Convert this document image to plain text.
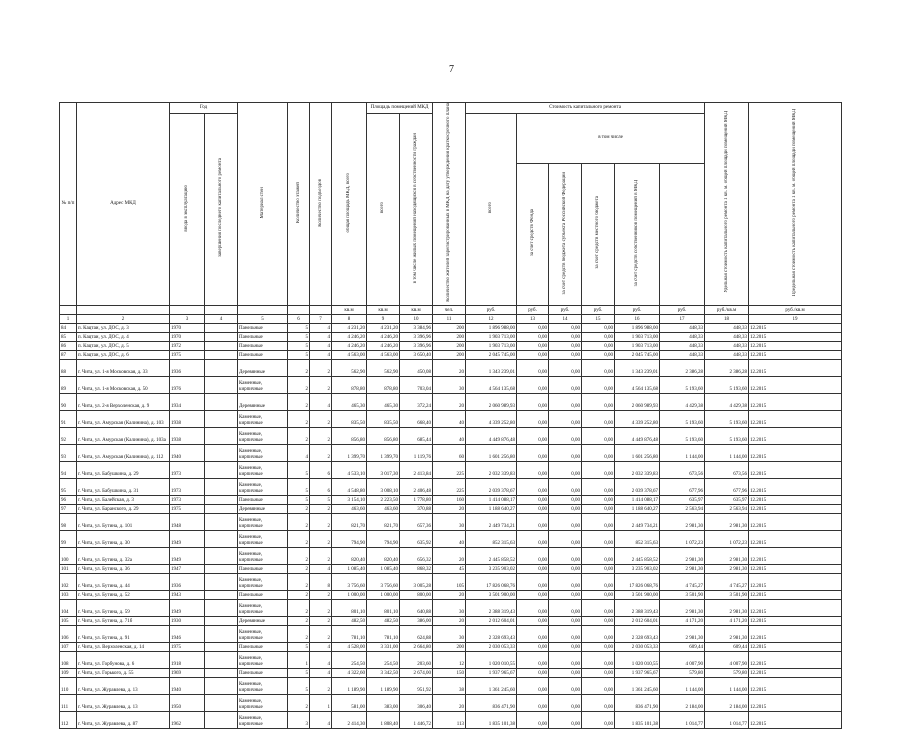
7
№ п/п	Адрес МКД	Год		Материал стен	Количество этажей	Количество подъездов	общая площадь МКД, всего	Площадь помещений МКД		Количество жителей зарегистрированных в МКД на дату утверждения краткосрочного плана	Стоимость капитального ремонта						Удельная стоимость капитального ремонта 1 кв. м. общей площади помещений МКД	Предельная стоимость капитального ремонта 1 кв. м. общей площади помещений МКД	
		ввода в эксплуатацию	завершения последнего капитального ремонта					всего	в том числе жилых помещений находящихся в собственности граждан		всего	в том числе							
												за счет средств Фонда	за счет средств бюджета субъекта Российской Федерации	за счет средств местного бюджета	за счет средств собственников помещений в МКД				
							кв.м	кв.м	кв.м	чел.	руб.	руб.	руб.	руб.	руб.	руб.	руб./кв.м	руб./кв.м	
1	2	3	4	5	6	7	8	9	10	11	12	13	14	15	16	17	18	19	
84	п. Кацтаи, ул. ДОС, д. 3	1970		Панельные	5	4	4 231,20	4 231,20	3 384,96	200	1 896 988,00	0,00	0,00	0,00	1 896 988,00	448,33	448,33	12.2015	
85	п. Кацтаи, ул. ДОС, д. 4	1970		Панельные	5	4	4 246,20	4 246,20	3 396,96	200	1 903 713,00	0,00	0,00	0,00	1 903 713,00	448,33	448,33	12.2015	
86	п. Кацтаи, ул. ДОС, д. 5	1972		Панельные	5	4	4 246,20	4 246,20	3 396,96	200	1 903 713,00	0,00	0,00	0,00	1 903 713,00	448,33	448,33	12.2015	
87	п. Кацтаи, ул. ДОС, д. 6	1975		Панельные	5	4	4 563,00	4 563,00	3 650,40	200	2 045 745,00	0,00	0,00	0,00	2 045 745,00	448,33	448,33	12.2015	
88	г. Чита, ул. 1-я Московская, д. 33	1936		Деревянные	2	2	562,90	562,90	450,08	20	1 343 239,01	0,00	0,00	0,00	1 343 239,01	2 386,28	2 386,28	12.2015	
89	г. Чита, ул. 1-я Московская, д. 50	1976		Каменные, кирпичные	2	2	878,80	878,80	703,04	30	4 564 135,68	0,00	0,00	0,00	4 564 135,68	5 193,60	5 193,60	12.2015	
90	г. Чита, ул. 2-я Верхоленская, д. 9	1934		Деревянные	2	4	465,30	465,30	372,24	20	2 060 989,93	0,00	0,00	0,00	2 060 989,93	4 429,38	4 429,38	12.2015	
91	г. Чита, ул. Амурская (Калинина), д. 103	1938		Каменные, кирпичные	2	2	835,50	835,50	668,40	40	4 339 252,80	0,00	0,00	0,00	4 339 252,80	5 193,60	5 193,60	12.2015	
92	г. Чита, ул. Амурская (Калинина), д. 103а	1938		Каменные, кирпичные	2	2	856,80	856,80	685,44	40	4 449 876,48	0,00	0,00	0,00	4 449 876,48	5 193,60	5 193,60	12.2015	
93	г. Чита, ул. Амурская (Калинина), д. 112	1940		Каменные, кирпичные	4	2	1 399,70	1 399,70	1 119,76	60	1 601 256,80	0,00	0,00	0,00	1 601 256,80	1 144,00	1 144,00	12.2015	
94	г. Чита, ул. Бабушкина, д. 29	1973		Каменные, кирпичные	5	6	4 533,10	3 017,30	2 413,84	225	2 032 339,83	0,00	0,00	0,00	2 032 339,83	673,56	673,56	12.2015	
95	г. Чита, ул. Бабушкина, д. 31	1973		Каменные, кирпичные	5	6	4 548,80	3 008,10	2 406,48	225	2 039 378,67	0,00	0,00	0,00	2 039 378,67	677,96	677,96	12.2015	
96	г. Чита, ул. Балейская, д. 3	1973		Панельные	5	5	3 154,10	2 223,50	1 778,80	160	1 414 088,17	0,00	0,00	0,00	1 414 088,17	635,97	635,97	12.2015	
97	г. Чита, ул. Баранского, д. 29	1975		Деревянные	2	2	463,60	463,60	370,88	20	1 188 640,27	0,00	0,00	0,00	1 188 640,27	2 563,94	2 563,94	12.2015	
98	г. Чита, ул. Бутина, д. 101	1948		Каменные, кирпичные	2	2	821,70	821,70	657,36	30	2 449 734,21	0,00	0,00	0,00	2 449 734,21	2 981,30	2 981,30	12.2015	
99	г. Чита, ул. Бутина, д. 30	1949		Каменные, кирпичные	2	2	794,90	794,90	635,92	40	852 315,63	0,00	0,00	0,00	852 315,63	1 072,23	1 072,23	12.2015	
100	г. Чита, ул. Бутина, д. 32а	1949		Каменные, кирпичные	2	2	820,40	820,40	656,32	20	2 445 858,52	0,00	0,00	0,00	2 445 858,52	2 981,30	2 981,30	12.2015	
101	г. Чита, ул. Бутина, д. 36	1947		Панельные	2	4	1 085,40	1 085,40	868,32	45	3 235 903,02	0,00	0,00	0,00	3 235 903,02	2 981,30	2 981,30	12.2015	
102	г. Чита, ул. Бутина, д. 44	1936		Каменные, кирпичные	2	8	3 756,60	3 756,60	3 005,28	105	17 826 068,76	0,00	0,00	0,00	17 826 068,76	4 745,27	4 745,27	12.2015	
103	г. Чита, ул. Бутина, д. 52	1943		Панельные	2	2	1 000,00	1 000,00	800,00	20	3 501 900,00	0,00	0,00	0,00	3 501 900,00	3 501,90	3 501,90	12.2015	
104	г. Чита, ул. Бутина, д. 59	1949		Каменные, кирпичные	2	2	801,10	801,10	640,88	30	2 388 319,43	0,00	0,00	0,00	2 388 319,43	2 981,30	2 981,30	12.2015	
105	г. Чита, ул. Бутина, д. 71б	1930		Деревянные	2	2	482,50	482,50	386,00	20	2 012 604,01	0,00	0,00	0,00	2 012 604,01	4 171,20	4 171,20	12.2015	
106	г. Чита, ул. Бутина, д. 91	1946		Каменные, кирпичные	2	2	781,10	781,10	624,88	30	2 328 693,43	0,00	0,00	0,00	2 328 693,43	2 981,30	2 981,30	12.2015	
107	г. Чита, ул. Верхоленская, д. 14	1975		Панельные	5	4	4 528,00	3 331,00	2 664,80	200	2 030 053,33	0,00	0,00	0,00	2 030 053,33	609,44	609,44	12.2015	
108	г. Чита, ул. Горбунова, д. 6	1918		Каменные, кирпичные	1	4	254,50	254,50	203,60	12	1 020 010,55	0,00	0,00	0,00	1 020 010,55	4 007,90	4 007,90	12.2015	
109	г. Чита, ул. Горького, д. 55	1969		Панельные	5	4	4 322,60	3 342,50	2 674,00	150	1 937 965,67	0,00	0,00	0,00	1 937 965,67	579,80	579,80	12.2015	
110	г. Чита, ул. Журавлева, д. 13	1940		Каменные, кирпичные	5	2	1 189,90	1 189,90	951,92	38	1 361 245,60	0,00	0,00	0,00	1 361 245,60	1 144,00	1 144,00	12.2015	
111	г. Чита, ул. Журавлева, д. 13	1950		Каменные, кирпичные	2	1	581,00	383,00	306,40	20	836 471,90	0,00	0,00	0,00	836 471,90	2 184,00	2 184,00	12.2015	
112	г. Чита, ул. Журавлева, д. 87	1962		Каменные, кирпичные	3	4	2 414,30	1 808,40	1 446,72	113	1 835 101,38	0,00	0,00	0,00	1 835 101,38	1 014,77	1 014,77	12.2015	
